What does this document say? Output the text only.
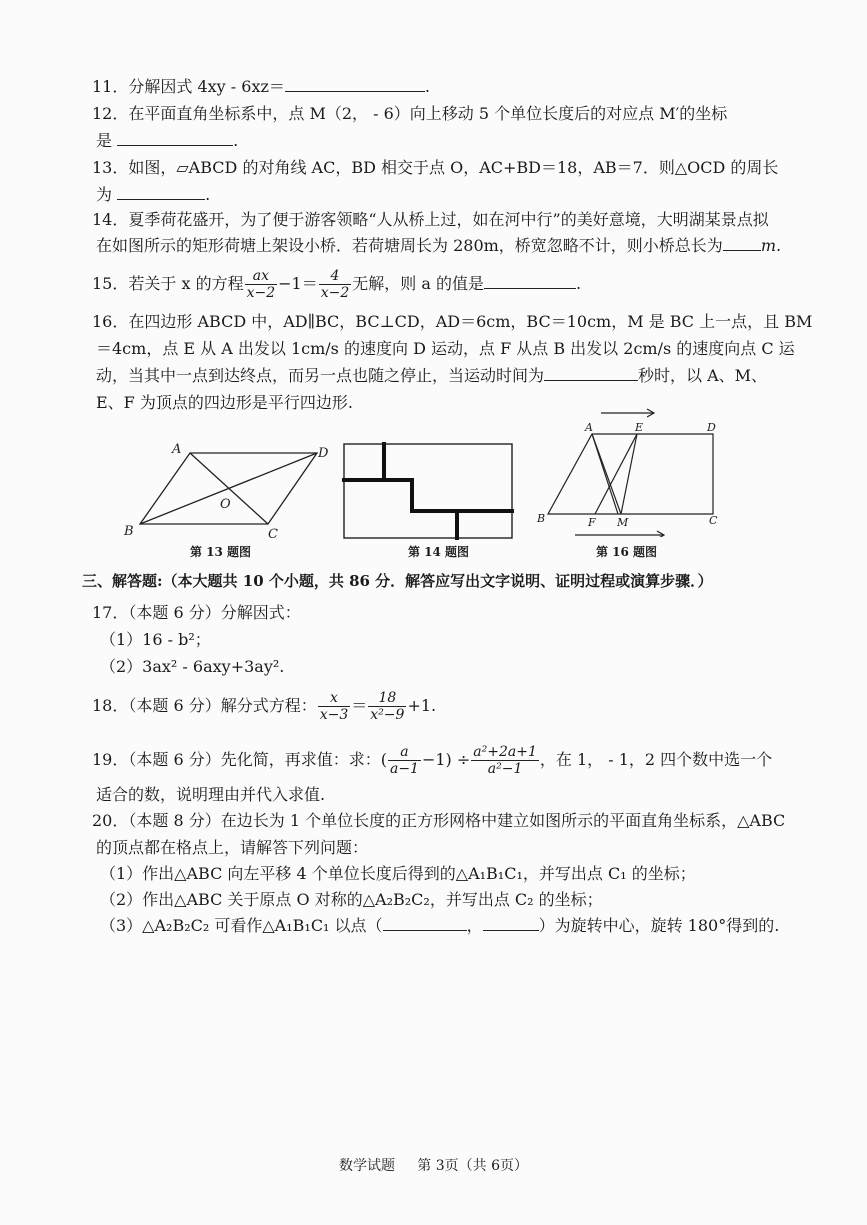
11．分解因式 4xy - 6xz＝	.
12．在平面直角坐标系中，点 M（2， - 6）向上移动 5 个单位长度后的对应点 M′的坐标
是	.
13．如图，▱ABCD 的对角线 AC，BD 相交于点 O，AC+BD＝18，AB＝7．则△OCD 的周长
为	.
14．夏季荷花盛开，为了便于游客领略“人从桥上过，如在河中行”的美好意境，大明湖某景点拟
在如图所示的矩形荷塘上架设小桥．若荷塘周长为 280m，桥宽忽略不计，则小桥总长为 m.
15．若关于 x 的方程 $\frac{ax}{x-2} -1= \frac{4}{x-2}$ 无解，则 a 的值是	.
16．在四边形 ABCD 中，AD∥BC，BC⊥CD，AD＝6cm，BC＝10cm，M 是 BC 上一点，且 BM
＝4cm，点 E 从 A 出发以 1cm/s 的速度向 D 运动，点 F 从点 B 出发以 2cm/s 的速度向点 C 运
动，当其中一点到达终点，而另一点也随之停止，当运动时间为	秒时，以 A、M、
E、F 为顶点的四边形是平行四边形.
A	D
B	C
O
A	E	D
B	F M	C
第 13 题图	第 14 题图	第 16 题图
三、解答题:（本大题共 10 个小题，共 86 分．解答应写出文字说明、证明过程或演算步骤．）
17．（本题 6 分）分解因式：
（1）16 - b²；
（2）3ax² - 6axy+3ay².
18．（本题 6 分）解分式方程： $\frac{x}{x-3} = \frac{18}{\text{x²−9}} +1$.
19．（本题 6 分）先化简，再求值：求：( $\frac{a}{a-1} -1) \div \frac{\text{a²+2a+1}}{\text{a²−1}}$ ，在 1， - 1，2 四个数中选一个
适合的数，说明理由并代入求值.
20．（本题 8 分）在边长为 1 个单位长度的正方形网格中建立如图所示的平面直角坐标系，△ABC
的顶点都在格点上，请解答下列问题：
（1）作出△ABC 向左平移 4 个单位长度后得到的△A₁B₁C₁，并写出点 C₁ 的坐标；
（2）作出△ABC 关于原点 O 对称的△A₂B₂C₂，并写出点 C₂ 的坐标；
（3）△A₂B₂C₂ 可看作△A₁B₁C₁ 以点（	，	）为旋转中心，旋转 180°得到的.
数学试题 第 3页（共 6页）
